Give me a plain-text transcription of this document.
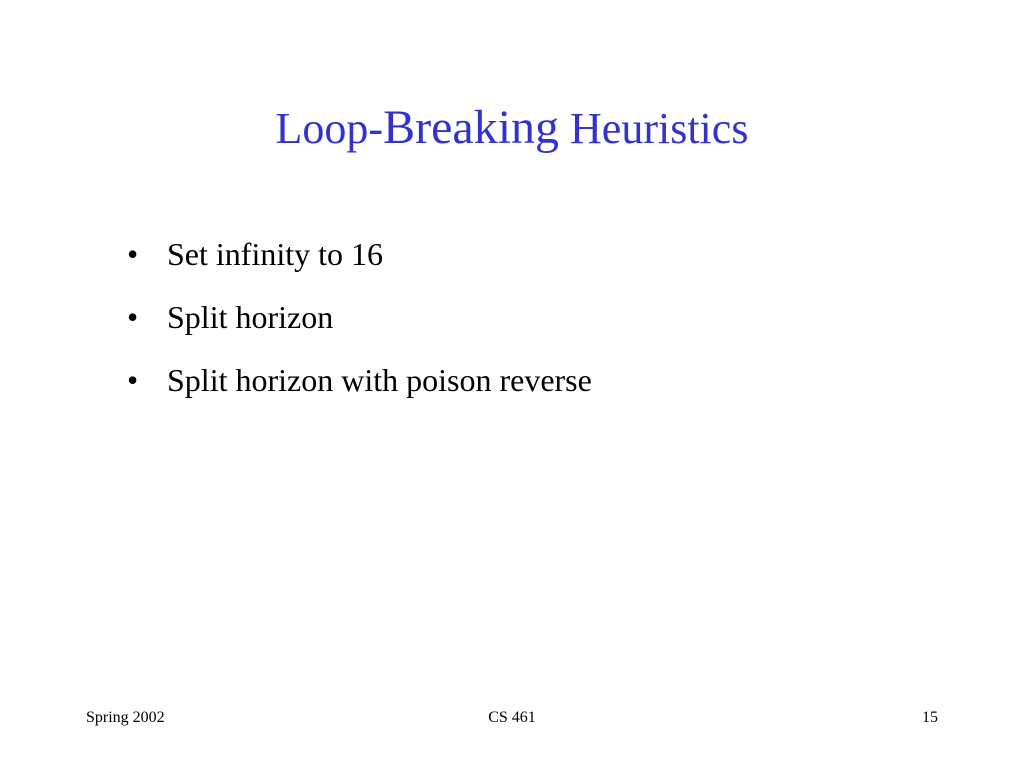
Loop-Breaking Heuristics
• Set infinity to 16
• Split horizon
• Split horizon with poison reverse
Spring 2002	CS 461	15
